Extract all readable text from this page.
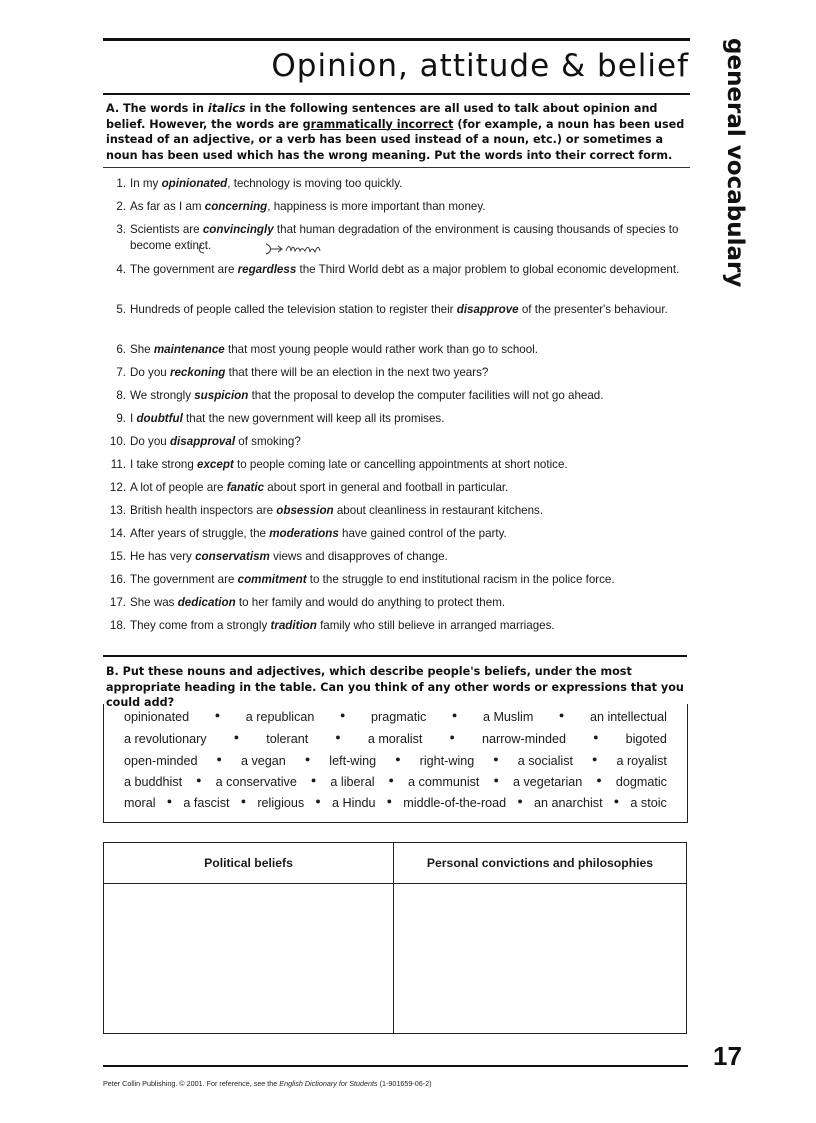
Opinion, attitude & belief general vocabulary
A. The words in italics in the following sentences are all used to talk about opinion and belief. However, the words are grammatically incorrect (for example, a noun has been used instead of an adjective, or a verb has been used instead of a noun, etc.) or sometimes a noun has been used which has the wrong meaning. Put the words into their correct form.
1. In my opinionated, technology is moving too quickly.
2. As far as I am concerning, happiness is more important than money.
3. Scientists are convincingly that human degradation of the environment is causing thousands of species to become extinct.
4. The government are regardless the Third World debt as a major problem to global economic development.
5. Hundreds of people called the television station to register their disapprove of the presenter's behaviour.
6. She maintenance that most young people would rather work than go to school.
7. Do you reckoning that there will be an election in the next two years?
8. We strongly suspicion that the proposal to develop the computer facilities will not go ahead.
9. I doubtful that the new government will keep all its promises.
10. Do you disapproval of smoking?
11. I take strong except to people coming late or cancelling appointments at short notice.
12. A lot of people are fanatic about sport in general and football in particular.
13. British health inspectors are obsession about cleanliness in restaurant kitchens.
14. After years of struggle, the moderations have gained control of the party.
15. He has very conservatism views and disapproves of change.
16. The government are commitment to the struggle to end institutional racism in the police force.
17. She was dedication to her family and would do anything to protect them.
18. They come from a strongly tradition family who still believe in arranged marriages.
B. Put these nouns and adjectives, which describe people's beliefs, under the most appropriate heading in the table. Can you think of any other words or expressions that you could add?
opinionated	● a republican	● pragmatic	● a Muslim	● an intellectual
a revolutionary	● tolerant	● a moralist	● narrow-minded	● bigoted
open-minded ● a vegan ● left-wing ● right-wing ● a socialist ● a royalist
a buddhist ● a conservative ● a liberal ● a communist ● a vegetarian ● dogmatic
moral ● a fascist ● religious ● a Hindu ● middle-of-the-road ● an anarchist ● a stoic
Political beliefs	Personal convictions and philosophies
17
Peter Collin Publishing. © 2001. For reference, see the English Dictionary for Students (1-901659-06-2)
